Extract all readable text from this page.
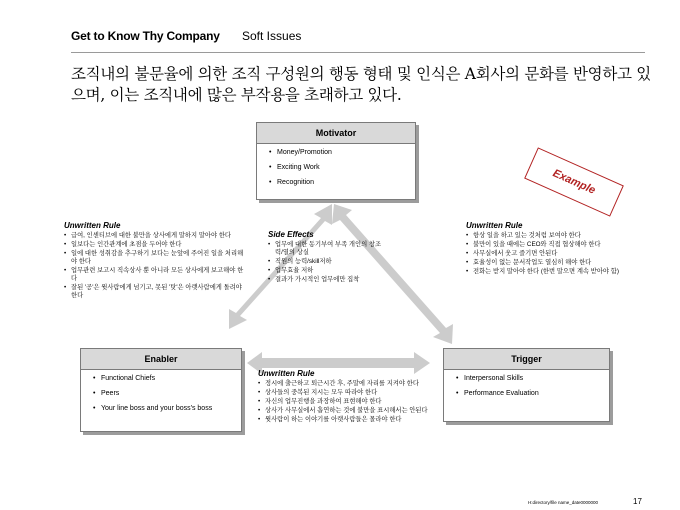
Get to Know Thy Company Soft Issues
조직내의 불문율에 의한 조직 구성원의 행동 형태 및 인식은 A회사의 문화를 반영하고 있으며, 이는 조직내에 많은 부작용을 초래하고 있다.
Motivator
• Money/Promotion
• Exciting Work
• Recognition
Enabler
• Functional Chiefs
• Peers
• Your line boss and your boss's boss
Trigger
• Interpersonal Skills
• Performance Evaluation
Unwritten Rule
• 급여, 인센티브에 대한 불만을 상사에게 말하지 말아야 한다
• 일보다는 인간관계에 초점을 두어야 한다
• 일에 대한 성취감을 추구하기 보다는 눈앞에 주어진 일을 처리해야 한다
• 업무관련 보고시 직속상사 뿐 아니라 모든 상사에게 보고해야 한다
• 잘된 '공'은 윗사람에게 넘기고, 못된 '탓'은 아랫사람에게 돌려야 한다
Side Effects
• 업무에 대한 동기부여 부족 개인의 창조력/열의 상실
• 직원의 능력/skill저하
• 업무효율 저하
• 결과가 가시적인 업무에만 집착
Unwritten Rule
• 항상 일을 하고 있는 것처럼 보여야 한다
• 불만이 있을 때에는 CEO와 직접 협상해야 한다
• 사무실에서 웃고 즐기면 안된다
• 효율성이 없는 문서작업도 열심히 해야 한다
• 전화는 받지 말아야 한다 (한번 말으면 계속 받아야 함)
Unwritten Rule
• 정시에 출근하고 퇴근시간 후, 주말에 자리를 지켜야 한다
• 상사들의 중복된 지시는 모두 따라야 한다
• 자신의 업무진행을 과장하여 표현해야 한다
• 상사가 사무실에서 흡연하는 것에 불만을 표시해서는 안된다
• 윗사람이 하는 이야기를 아랫사람들은 몰라야 한다
Example
H:directory/file name_date0000000	17
